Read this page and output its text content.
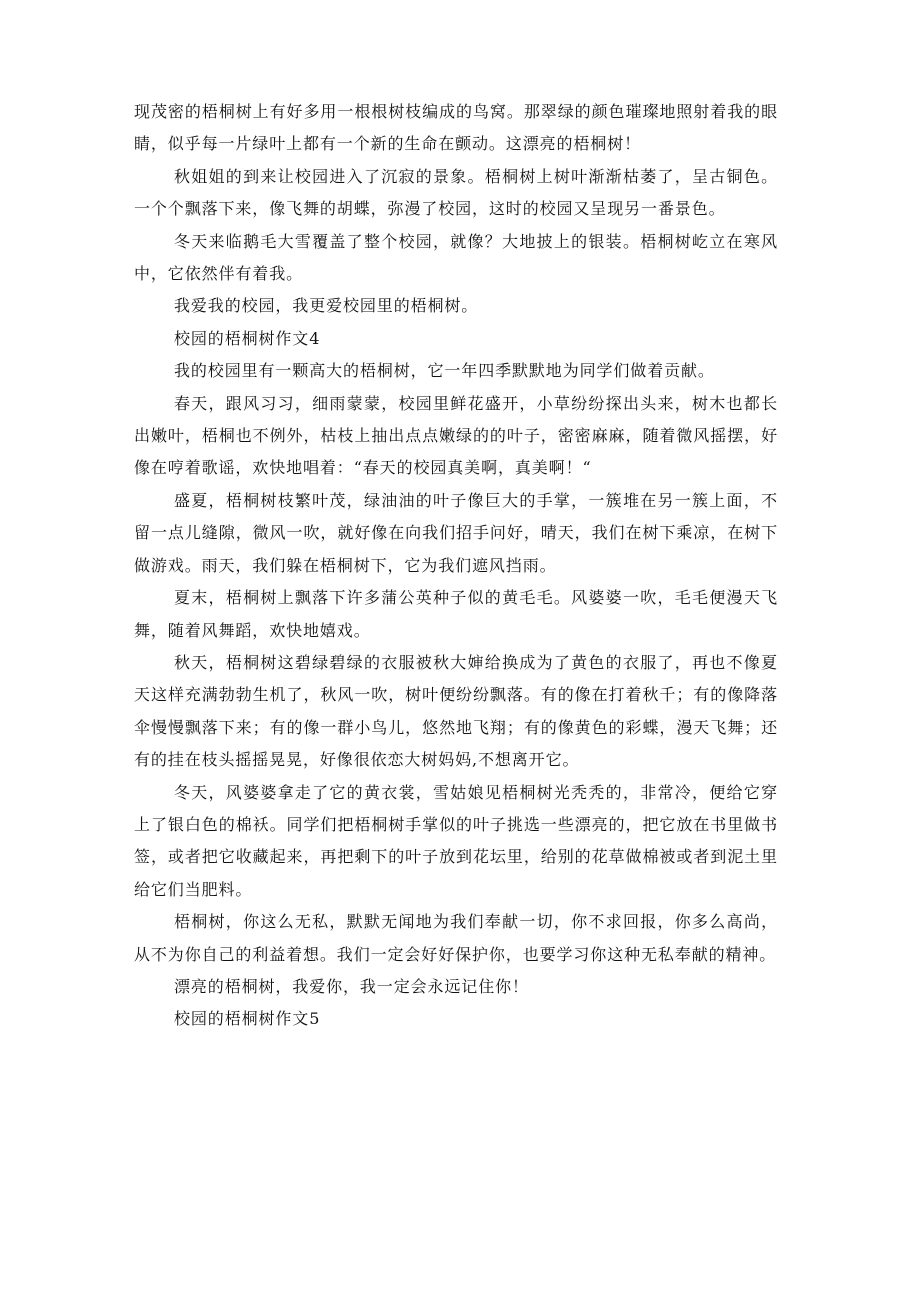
现茂密的梧桐树上有好多用一根根树枝编成的鸟窝。那翠绿的颜色璀璨地照射着我的眼睛，似乎每一片绿叶上都有一个新的生命在颤动。这漂亮的梧桐树！

秋姐姐的到来让校园进入了沉寂的景象。梧桐树上树叶渐渐枯萎了，呈古铜色。一个个飘落下来，像飞舞的胡蝶，弥漫了校园，这时的校园又呈现另一番景色。

冬天来临鹅毛大雪覆盖了整个校园，就像？大地披上的银装。梧桐树屹立在寒风中，它依然伴有着我。

我爱我的校园，我更爱校园里的梧桐树。

校园的梧桐树作文4

我的校园里有一颗高大的梧桐树，它一年四季默默地为同学们做着贡献。

春天，跟风习习，细雨蒙蒙，校园里鲜花盛开，小草纷纷探出头来，树木也都长出嫩叶，梧桐也不例外，枯枝上抽出点点嫩绿的的叶子，密密麻麻，随着微风摇摆，好像在哼着歌谣，欢快地唱着：“春天的校园真美啊，真美啊！“

盛夏，梧桐树枝繁叶茂，绿油油的叶子像巨大的手掌，一簇堆在另一簇上面，不留一点儿缝隙，微风一吹，就好像在向我们招手问好，晴天，我们在树下乘凉，在树下做游戏。雨天，我们躲在梧桐树下，它为我们遮风挡雨。

夏末，梧桐树上飘落下许多蒲公英种子似的黄毛毛。风婆婆一吹，毛毛便漫天飞舞，随着风舞蹈，欢快地嬉戏。

秋天，梧桐树这碧绿碧绿的衣服被秋大婶给换成为了黄色的衣服了，再也不像夏天这样充满勃勃生机了，秋风一吹，树叶便纷纷飘落。有的像在打着秋千；有的像降落伞慢慢飘落下来；有的像一群小鸟儿，悠然地飞翔；有的像黄色的彩蝶，漫天飞舞；还有的挂在枝头摇摇晃晃，好像很依恋大树妈妈,不想离开它。

冬天，风婆婆拿走了它的黄衣裳，雪姑娘见梧桐树光秃秃的，非常冷，便给它穿上了银白色的棉袄。同学们把梧桐树手掌似的叶子挑选一些漂亮的，把它放在书里做书签，或者把它收藏起来，再把剩下的叶子放到花坛里，给别的花草做棉被或者到泥土里给它们当肥料。

梧桐树，你这么无私，默默无闻地为我们奉献一切，你不求回报，你多么高尚，从不为你自己的利益着想。我们一定会好好保护你，也要学习你这种无私奉献的精神。

漂亮的梧桐树，我爱你，我一定会永远记住你！

校园的梧桐树作文5
